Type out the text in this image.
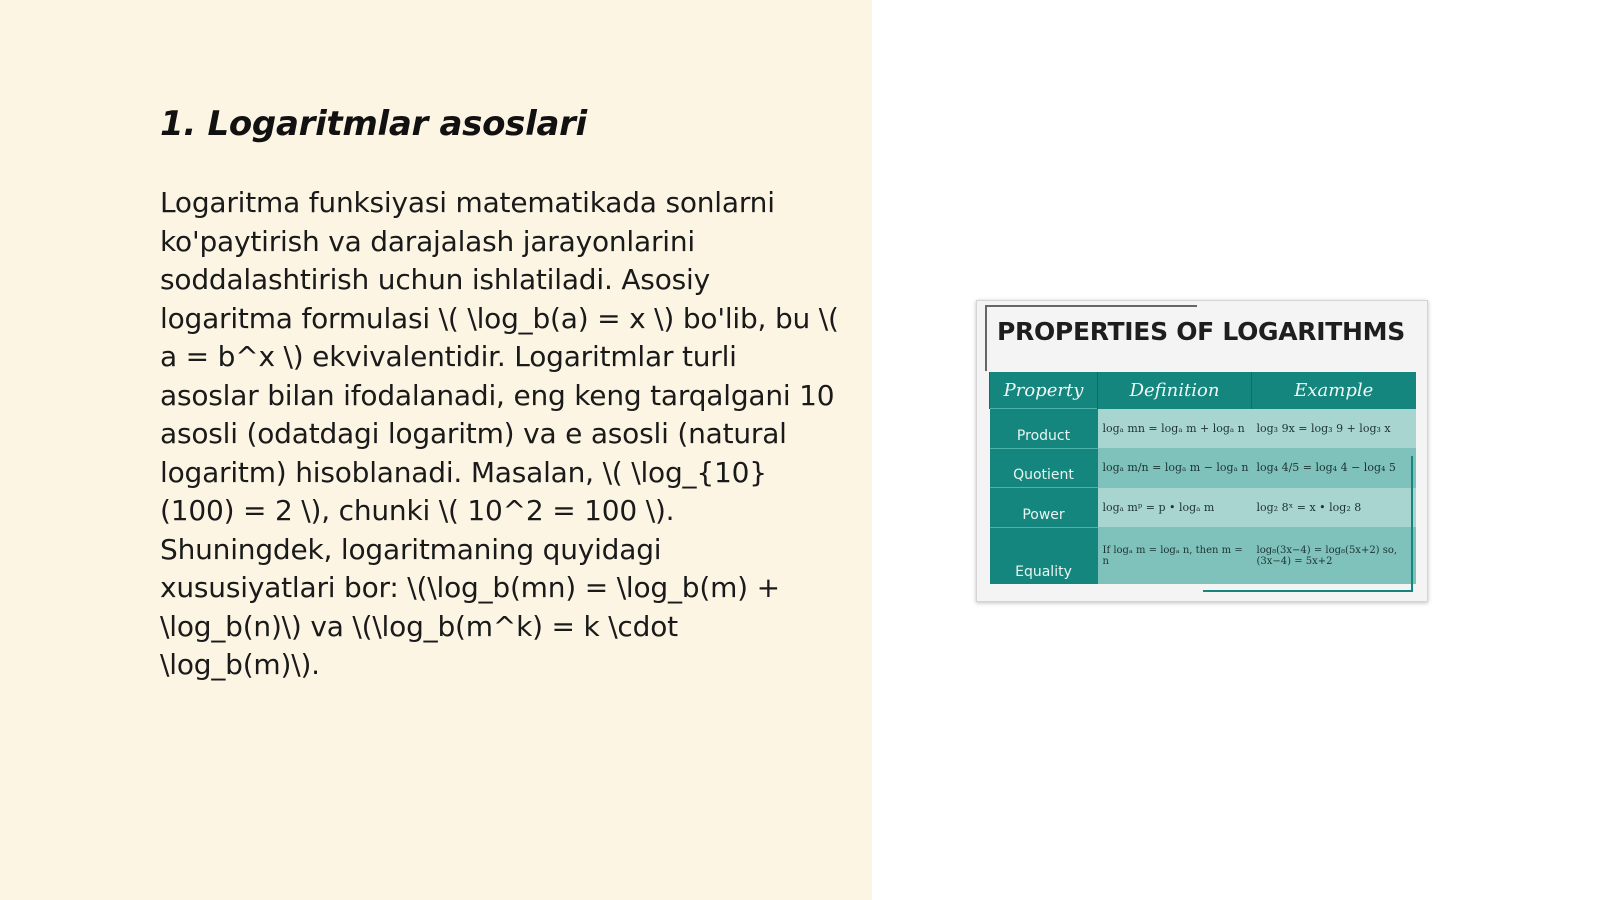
1. Logaritmlar asoslari

Logaritma funksiyasi matematikada sonlarni ko'paytirish va darajalash jarayonlarini soddalashtirish uchun ishlatiladi. Asosiy logaritma formulasi \( \log_b(a) = x \) bo'lib, bu \( a = b^x \) ekvivalentidir. Logaritmlar turli asoslar bilan ifodalanadi, eng keng tarqalgani 10 asosli (odatdagi logaritm) va e asosli (natural logaritm) hisoblanadi. Masalan, \( \log_{10}(100) = 2 \), chunki \( 10^2 = 100 \). Shuningdek, logaritmaning quyidagi xususiyatlari bor: \(\log_b(mn) = \log_b(m) + \log_b(n)\) va \(\log_b(m^k) = k \cdot \log_b(m)\).

PROPERTIES OF LOGARITHMS
Property	Definition	Example
Product	logₐ mn = logₐ m + logₐ n	log₃ 9x = log₃ 9 + log₃ x
Quotient	logₐ m/n = logₐ m − logₐ n	log₄ 4/5 = log₄ 4 − log₄ 5
Power	logₐ mᵖ = p • logₐ m	log₂ 8ˣ = x • log₂ 8
Equality	If logₐ m = logₐ n, then m = n	log₈(3x−4) = log₈(5x+2) so, (3x−4) = 5x+2
